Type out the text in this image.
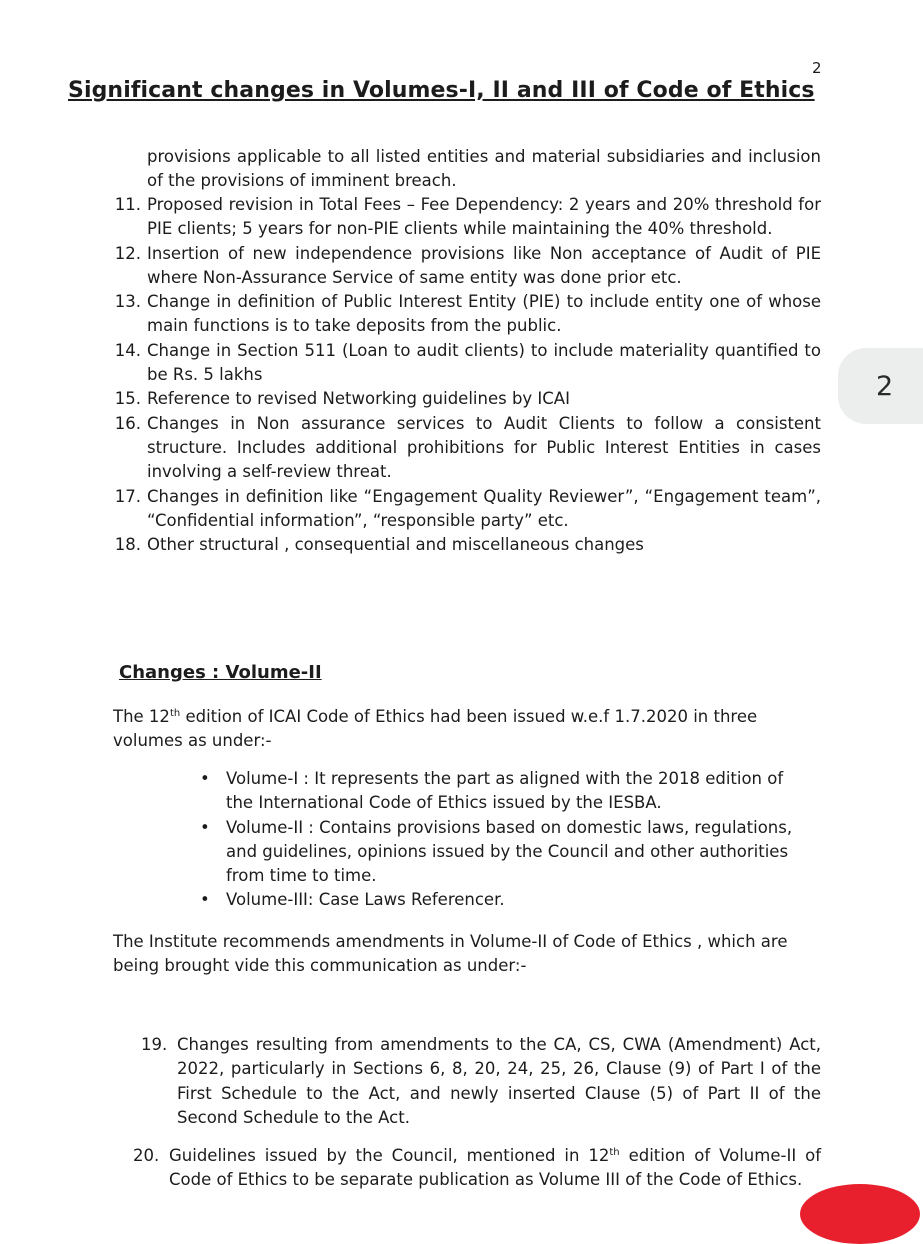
2
Significant changes in Volumes-I, II and III of Code of Ethics
provisions applicable to all listed entities and material subsidiaries and inclusion of the provisions of imminent breach.
11. Proposed revision in Total Fees – Fee Dependency: 2 years and 20% threshold for PIE clients; 5 years for non-PIE clients while maintaining the 40% threshold.
12. Insertion of new independence provisions like Non acceptance of Audit of PIE where Non-Assurance Service of same entity was done prior etc.
13. Change in definition of Public Interest Entity (PIE) to include entity one of whose main functions is to take deposits from the public.
14. Change in Section 511 (Loan to audit clients) to include materiality quantified to be Rs. 5 lakhs
15. Reference to revised Networking guidelines by ICAI
16. Changes in Non assurance services to Audit Clients to follow a consistent structure. Includes additional prohibitions for Public Interest Entities in cases involving a self-review threat.
17. Changes in definition like “Engagement Quality Reviewer”, “Engagement team”, “Confidential information”, “responsible party” etc.
18. Other structural , consequential and miscellaneous changes
2
Changes : Volume-II

The 12th edition of ICAI Code of Ethics had been issued w.e.f 1.7.2020 in three volumes as under:-

• Volume-I : It represents the part as aligned with the 2018 edition of the International Code of Ethics issued by the IESBA.
• Volume-II : Contains provisions based on domestic laws, regulations, and guidelines, opinions issued by the Council and other authorities from time to time.
• Volume-III: Case Laws Referencer.

The Institute recommends amendments in Volume-II of Code of Ethics , which are being brought vide this communication as under:-

19. Changes resulting from amendments to the CA, CS, CWA (Amendment) Act, 2022, particularly in Sections 6, 8, 20, 24, 25, 26, Clause (9) of Part I of the First Schedule to the Act, and newly inserted Clause (5) of Part II of the Second Schedule to the Act.
20. Guidelines issued by the Council, mentioned in 12th edition of Volume-II of Code of Ethics to be separate publication as Volume III of the Code of Ethics.
